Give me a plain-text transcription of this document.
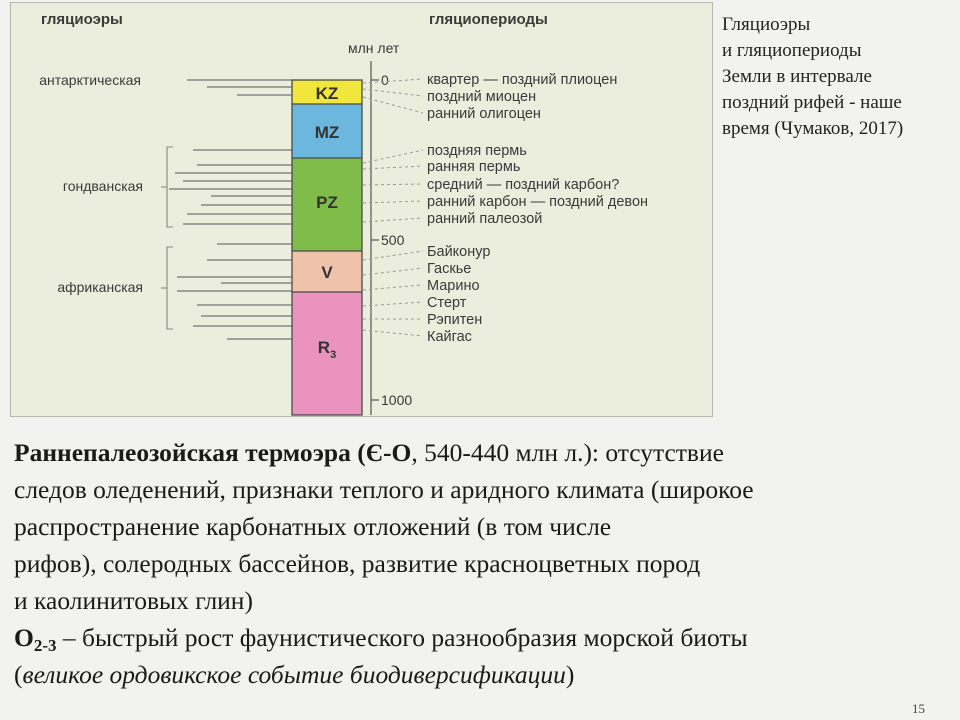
гляциоэры	гляциопериоды
млн лет
KZ
MZ
PZ
V
$R_3$
0
500
1000
антарктическая
гондванская
африканская
квартер — поздний плиоцен
поздний миоцен
ранний олигоцен
поздняя пермь
ранняя пермь
средний — поздний карбон?
ранний карбон — поздний девон
ранний палеозой
Байконур
Гаскье
Марино
Стерт
Рэпитен
Кайгас
Гляциоэры
и гляциопериоды
Земли в интервале
поздний рифей - наше
время (Чумаков, 2017)
Раннепалеозойская термоэра (Є-О, 540-440 млн л.): отсутствие
следов оледенений, признаки теплого и аридного климата (широкое
распространение карбонатных отложений (в том числе
рифов), солеродных бассейнов, развитие красноцветных пород
и каолинитовых глин)
$O_{2-3}$ – быстрый рост фаунистического разнообразия морской биоты
(великое ордовикское событие биодиверсификации)
15
